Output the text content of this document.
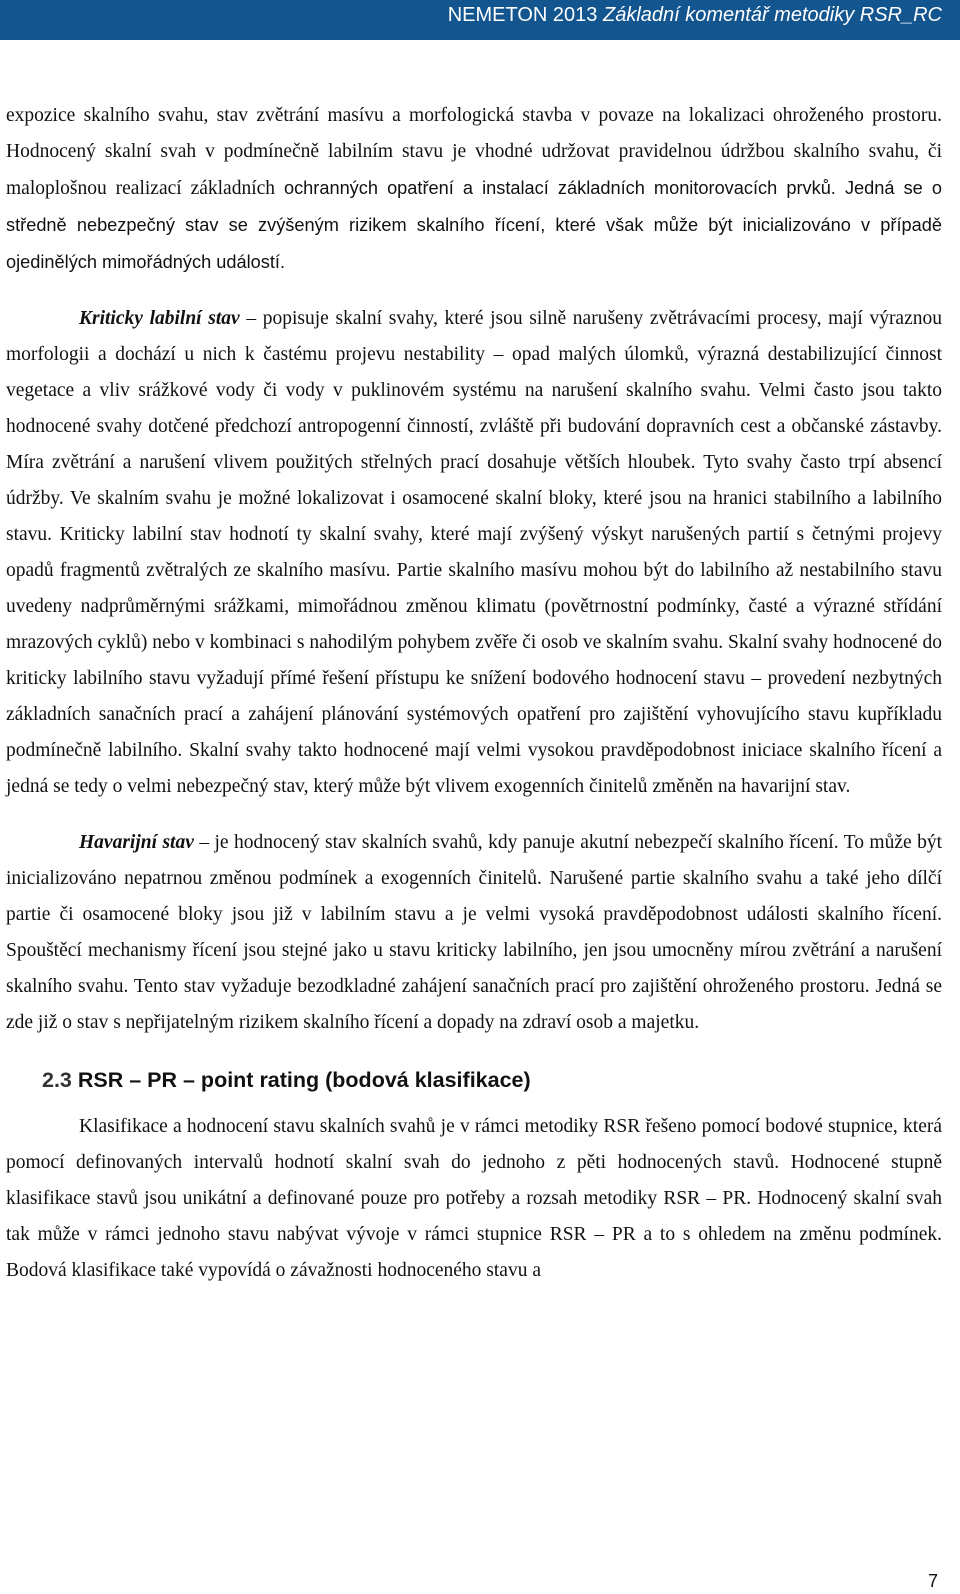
NEMETON 2013 Základní komentář metodiky RSR_RC

expozice skalního svahu, stav zvětrání masívu a morfologická stavba v povaze na lokalizaci ohroženého prostoru. Hodnocený skalní svah v podmínečně labilním stavu je vhodné udržovat pravidelnou údržbou skalního svahu, či maloplošnou realizací základních ochranných opatření a instalací základních monitorovacích prvků. Jedná se o středně nebezpečný stav se zvýšeným rizikem skalního řícení, které však může být inicializováno v případě ojedinělých mimořádných událostí.

Kriticky labilní stav – popisuje skalní svahy, které jsou silně narušeny zvětrávacími procesy, mají výraznou morfologii a dochází u nich k častému projevu nestability – opad malých úlomků, výrazná destabilizující činnost vegetace a vliv srážkové vody či vody v puklinovém systému na narušení skalního svahu. Velmi často jsou takto hodnocené svahy dotčené předchozí antropogenní činností, zvláště při budování dopravních cest a občanské zástavby. Míra zvětrání a narušení vlivem použitých střelných prací dosahuje větších hloubek. Tyto svahy často trpí absencí údržby. Ve skalním svahu je možné lokalizovat i osamocené skalní bloky, které jsou na hranici stabilního a labilního stavu. Kriticky labilní stav hodnotí ty skalní svahy, které mají zvýšený výskyt narušených partií s četnými projevy opadů fragmentů zvětralých ze skalního masívu. Partie skalního masívu mohou být do labilního až nestabilního stavu uvedeny nadprůměrnými srážkami, mimořádnou změnou klimatu (povětrnostní podmínky, časté a výrazné střídání mrazových cyklů) nebo v kombinaci s nahodilým pohybem zvěře či osob ve skalním svahu. Skalní svahy hodnocené do kriticky labilního stavu vyžadují přímé řešení přístupu ke snížení bodového hodnocení stavu – provedení nezbytných základních sanačních prací a zahájení plánování systémových opatření pro zajištění vyhovujícího stavu kupříkladu podmínečně labilního. Skalní svahy takto hodnocené mají velmi vysokou pravděpodobnost iniciace skalního řícení a jedná se tedy o velmi nebezpečný stav, který může být vlivem exogenních činitelů změněn na havarijní stav.

Havarijní stav – je hodnocený stav skalních svahů, kdy panuje akutní nebezpečí skalního řícení. To může být inicializováno nepatrnou změnou podmínek a exogenních činitelů. Narušené partie skalního svahu a také jeho dílčí partie či osamocené bloky jsou již v labilním stavu a je velmi vysoká pravděpodobnost události skalního řícení. Spouštěcí mechanismy řícení jsou stejné jako u stavu kriticky labilního, jen jsou umocněny mírou zvětrání a narušení skalního svahu. Tento stav vyžaduje bezodkladné zahájení sanačních prací pro zajištění ohroženého prostoru. Jedná se zde již o stav s nepřijatelným rizikem skalního řícení a dopady na zdraví osob a majetku.

2.3 RSR – PR – point rating (bodová klasifikace)

Klasifikace a hodnocení stavu skalních svahů je v rámci metodiky RSR řešeno pomocí bodové stupnice, která pomocí definovaných intervalů hodnotí skalní svah do jednoho z pěti hodnocených stavů. Hodnocené stupně klasifikace stavů jsou unikátní a definované pouze pro potřeby a rozsah metodiky RSR – PR. Hodnocený skalní svah tak může v rámci jednoho stavu nabývat vývoje v rámci stupnice RSR – PR a to s ohledem na změnu podmínek. Bodová klasifikace také vypovídá o závažnosti hodnoceného stavu a

7
